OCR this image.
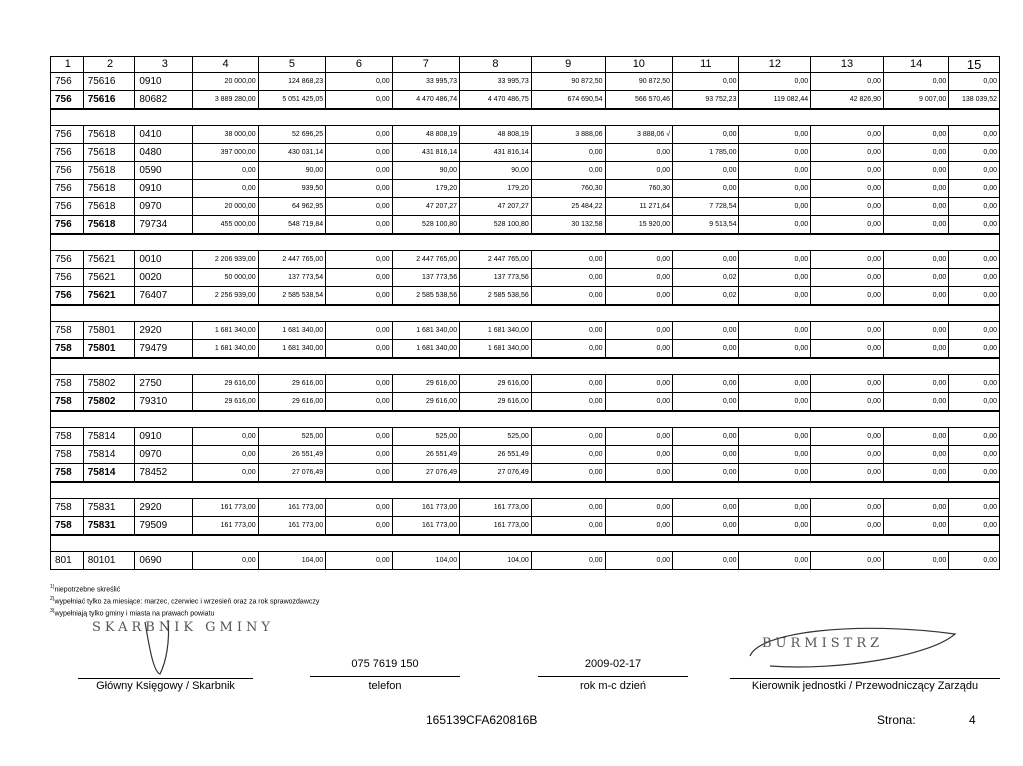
1	2	3	4	5	6	7	8	9	10	11	12	13	14	15
756	75616	0910	20 000,00	124 868,23	0,00	33 995,73	33 995,73	90 872,50	90 872,50	0,00	0,00	0,00	0,00	0,00
756	75616	80682	3 889 280,00	5 051 425,05	0,00	4 470 486,74	4 470 486,75	674 690,54	566 570,46	93 752,23	119 082,44	42 826,90	9 007,00	138 039,52

756	75618	0410	38 000,00	52 696,25	0,00	48 808,19	48 808,19	3 888,06	3 888,06 √	0,00	0,00	0,00	0,00	0,00
756	75618	0480	397 000,00	430 031,14	0,00	431 816,14	431 816,14	0,00	0,00	1 785,00	0,00	0,00	0,00	0,00
756	75618	0590	0,00	90,00	0,00	90,00	90,00	0,00	0,00	0,00	0,00	0,00	0,00	0,00
756	75618	0910	0,00	939,50	0,00	179,20	179,20	760,30	760,30	0,00	0,00	0,00	0,00	0,00
756	75618	0970	20 000,00	64 962,95	0,00	47 207,27	47 207,27	25 484,22	11 271,64	7 728,54	0,00	0,00	0,00	0,00
756	75618	79734	455 000,00	548 719,84	0,00	528 100,80	528 100,80	30 132,58	15 920,00	9 513,54	0,00	0,00	0,00	0,00

756	75621	0010	2 206 939,00	2 447 765,00	0,00	2 447 765,00	2 447 765,00	0,00	0,00	0,00	0,00	0,00	0,00	0,00
756	75621	0020	50 000,00	137 773,54	0,00	137 773,56	137 773,56	0,00	0,00	0,02	0,00	0,00	0,00	0,00
756	75621	76407	2 256 939,00	2 585 538,54	0,00	2 585 538,56	2 585 538,56	0,00	0,00	0,02	0,00	0,00	0,00	0,00

758	75801	2920	1 681 340,00	1 681 340,00	0,00	1 681 340,00	1 681 340,00	0,00	0,00	0,00	0,00	0,00	0,00	0,00
758	75801	79479	1 681 340,00	1 681 340,00	0,00	1 681 340,00	1 681 340,00	0,00	0,00	0,00	0,00	0,00	0,00	0,00

758	75802	2750	29 616,00	29 616,00	0,00	29 616,00	29 616,00	0,00	0,00	0,00	0,00	0,00	0,00	0,00
758	75802	79310	29 616,00	29 616,00	0,00	29 616,00	29 616,00	0,00	0,00	0,00	0,00	0,00	0,00	0,00

758	75814	0910	0,00	525,00	0,00	525,00	525,00	0,00	0,00	0,00	0,00	0,00	0,00	0,00
758	75814	0970	0,00	26 551,49	0,00	26 551,49	26 551,49	0,00	0,00	0,00	0,00	0,00	0,00	0,00
758	75814	78452	0,00	27 076,49	0,00	27 076,49	27 076,49	0,00	0,00	0,00	0,00	0,00	0,00	0,00

758	75831	2920	161 773,00	161 773,00	0,00	161 773,00	161 773,00	0,00	0,00	0,00	0,00	0,00	0,00	0,00
758	75831	79509	161 773,00	161 773,00	0,00	161 773,00	161 773,00	0,00	0,00	0,00	0,00	0,00	0,00	0,00

801	80101	0690	0,00	104,00	0,00	104,00	104,00	0,00	0,00	0,00	0,00	0,00	0,00	0,00
$^{1)}$niepotrzebne skreślić
$^{2)}$wypełniać tylko za miesiące: marzec, czerwiec i wrzesień oraz za rok sprawozdawczy
$^{3)}$wypełniają tylko gminy i miasta na prawach powiatu
SKARBNIK GMINY
Główny Księgowy / Skarbnik
075 7619 150
telefon
2009-02-17
rok m-c dzień
BURMISTRZ
Kierownik jednostki / Przewodniczący Zarządu
165139CFA620816B	Strona:	4
